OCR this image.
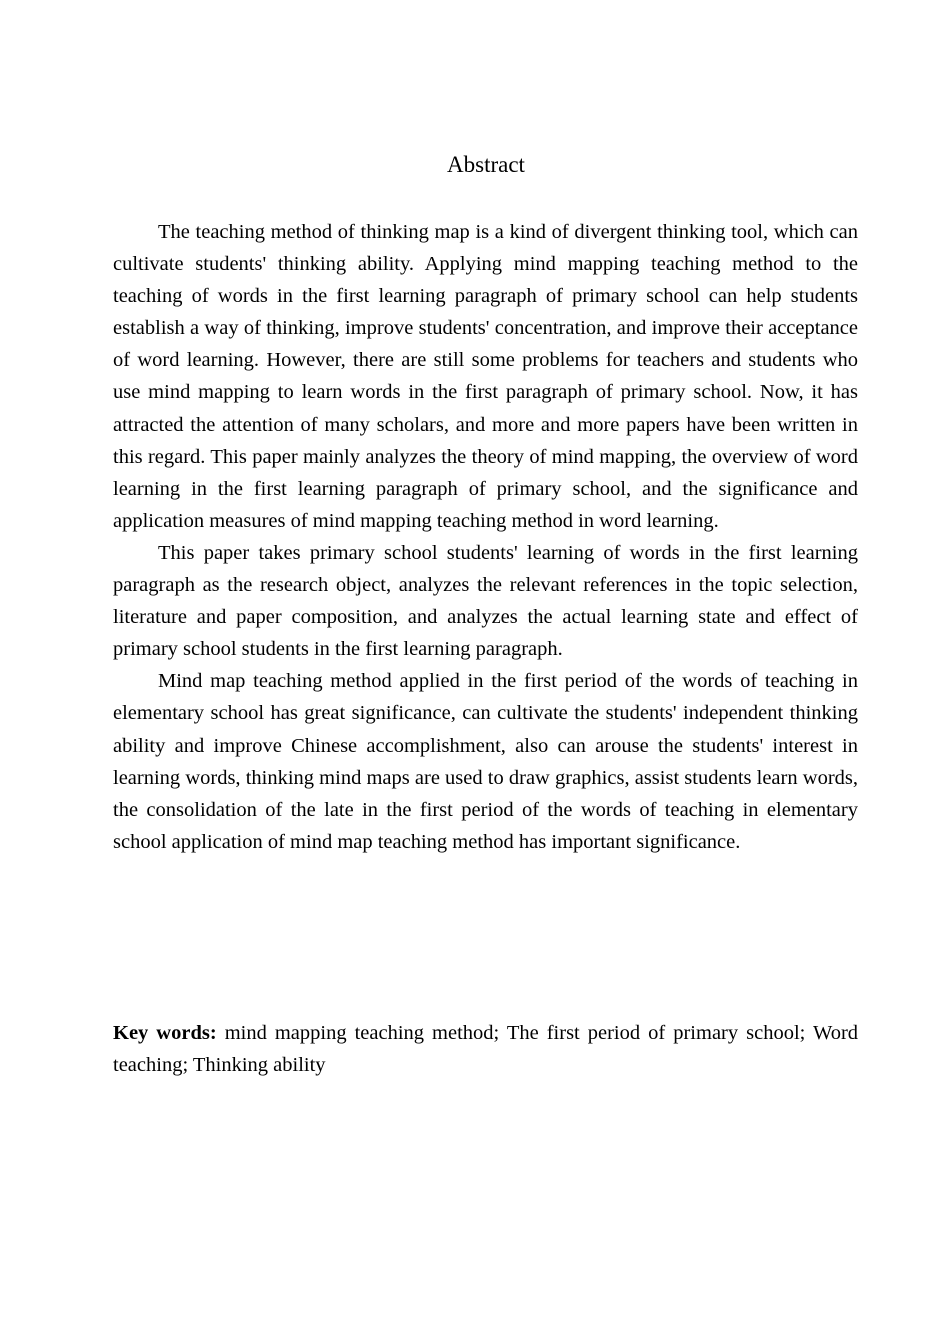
Abstract

The teaching method of thinking map is a kind of divergent thinking tool, which can cultivate students' thinking ability. Applying mind mapping teaching method to the teaching of words in the first learning paragraph of primary school can help students establish a way of thinking, improve students' concentration, and improve their acceptance of word learning. However, there are still some problems for teachers and students who use mind mapping to learn words in the first paragraph of primary school. Now, it has attracted the attention of many scholars, and more and more papers have been written in this regard. This paper mainly analyzes the theory of mind mapping, the overview of word learning in the first learning paragraph of primary school, and the significance and application measures of mind mapping teaching method in word learning.

This paper takes primary school students' learning of words in the first learning paragraph as the research object, analyzes the relevant references in the topic selection, literature and paper composition, and analyzes the actual learning state and effect of primary school students in the first learning paragraph.

Mind map teaching method applied in the first period of the words of teaching in elementary school has great significance, can cultivate the students' independent thinking ability and improve Chinese accomplishment, also can arouse the students' interest in learning words, thinking mind maps are used to draw graphics, assist students learn words, the consolidation of the late in the first period of the words of teaching in elementary school application of mind map teaching method has important significance.

Key words: mind mapping teaching method; The first period of primary school; Word teaching; Thinking ability
